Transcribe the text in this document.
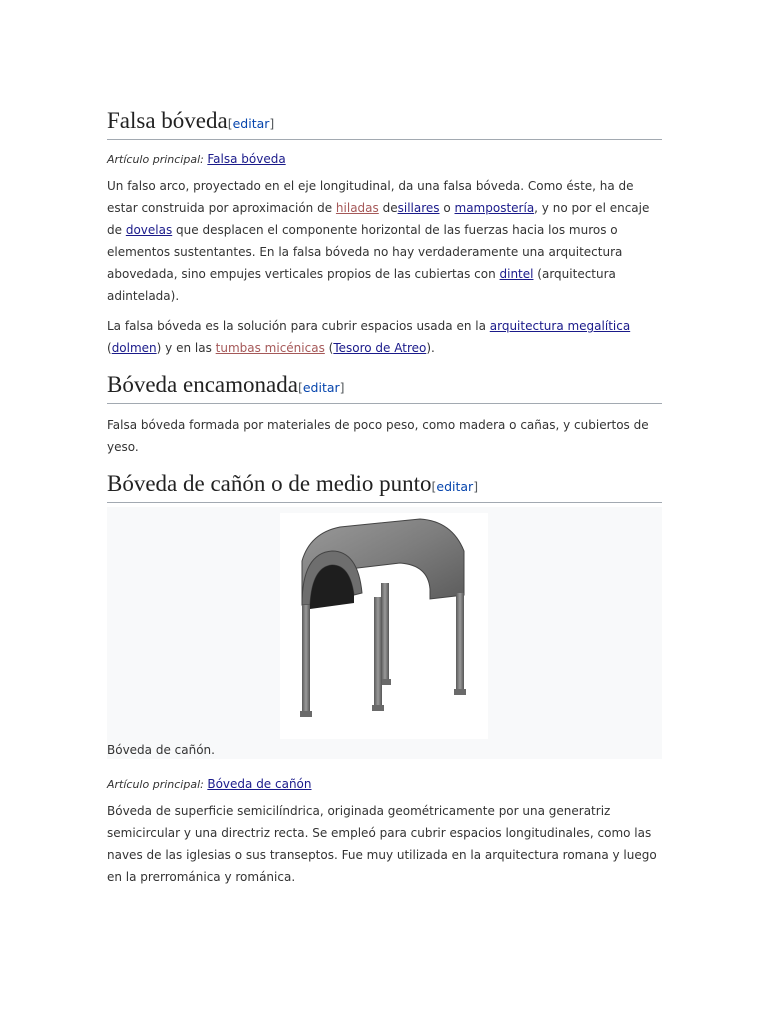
Falsa bóveda[editar]
Artículo principal: Falsa bóveda

Un falso arco, proyectado en el eje longitudinal, da una falsa bóveda. Como éste, ha de estar construida por aproximación de hiladas desillares o mampostería, y no por el encaje de dovelas que desplacen el componente horizontal de las fuerzas hacia los muros o elementos sustentantes. En la falsa bóveda no hay verdaderamente una arquitectura abovedada, sino empujes verticales propios de las cubiertas con dintel (arquitectura adintelada).

La falsa bóveda es la solución para cubrir espacios usada en la arquitectura megalítica (dolmen) y en las tumbas micénicas (Tesoro de Atreo).

Bóveda encamonada[editar]

Falsa bóveda formada por materiales de poco peso, como madera o cañas, y cubiertos de yeso.

Bóveda de cañón o de medio punto[editar]
Bóveda de cañón.
Artículo principal: Bóveda de cañón

Bóveda de superficie semicilíndrica, originada geométricamente por una generatriz semicircular y una directriz recta. Se empleó para cubrir espacios longitudinales, como las naves de las iglesias o sus transeptos. Fue muy utilizada en la arquitectura romana y luego en la prerrománica y románica.
